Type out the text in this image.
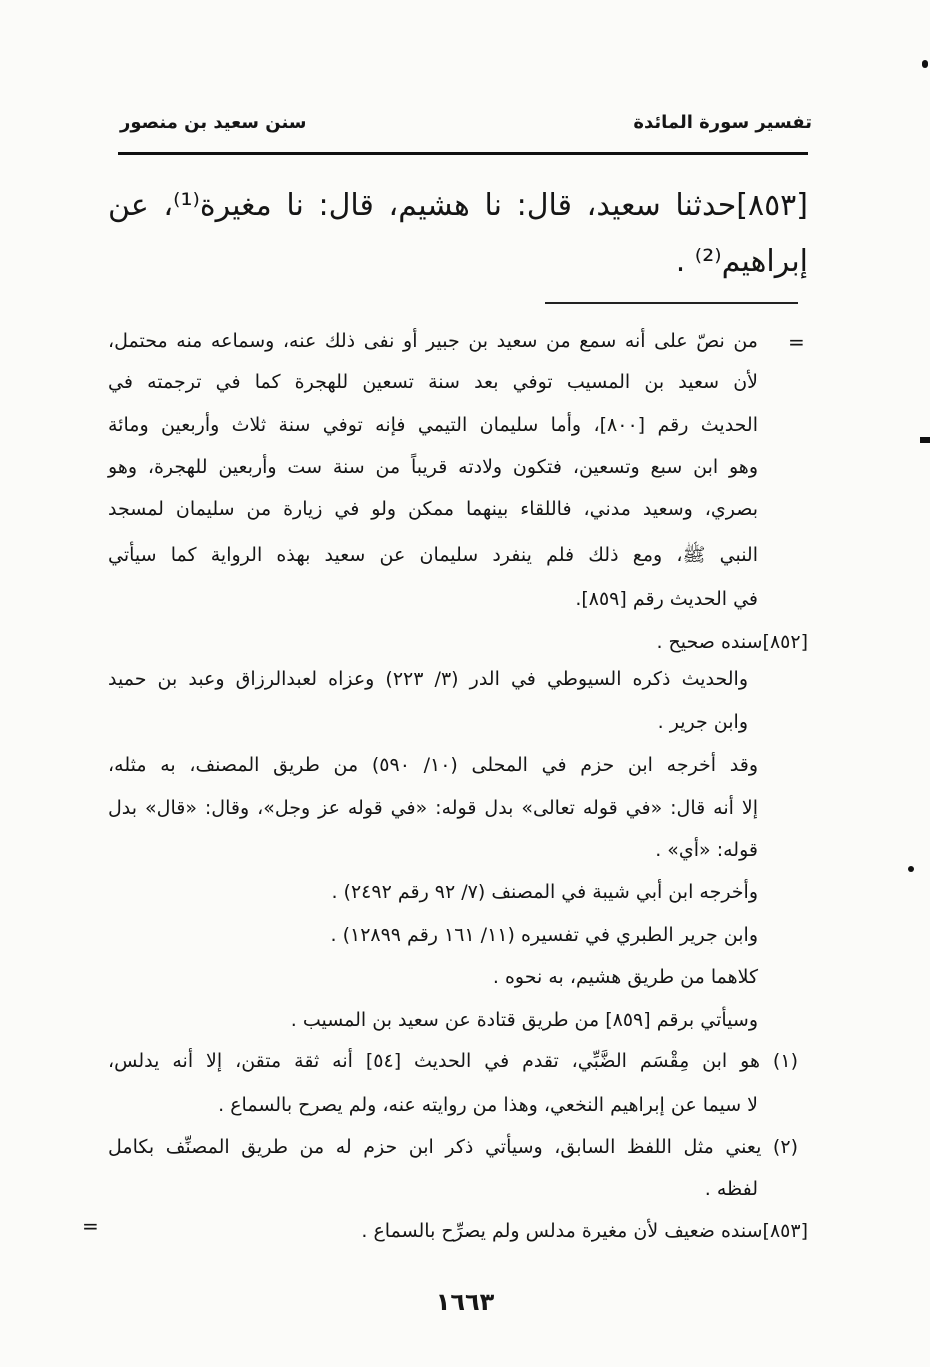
سنن سعيد بن منصور	تفسير سورة المائدة
[٨٥٣]حدثنا سعيد، قال: نا هشيم، قال: نا مغيرة⁽¹⁾، عن إبراهيم⁽²⁾ .
=
=
من نصّ على أنه سمع من سعيد بن جبير أو نفى ذلك عنه، وسماعه منه محتمل،
لأن سعيد بن المسيب توفي بعد سنة تسعين للهجرة كما في ترجمته في
الحديث رقم [٨٠٠]، وأما سليمان التيمي فإنه توفي سنة ثلاث وأربعين ومائة
وهو ابن سبع وتسعين، فتكون ولادته قريباً من سنة ست وأربعين للهجرة، وهو
بصري، وسعيد مدني، فاللقاء بينهما ممكن ولو في زيارة من سليمان لمسجد
النبي ﷺ، ومع ذلك فلم ينفرد سليمان عن سعيد بهذه الرواية كما سيأتي
في الحديث رقم [٨٥٩].
[٨٥٢]سنده صحيح .
والحديث ذكره السيوطي في الدر (٣/ ٢٢٣) وعزاه لعبدالرزاق وعبد بن حميد
وابن جرير .
وقد أخرجه ابن حزم في المحلى (١٠/ ٥٩٠) من طريق المصنف، به مثله،
إلا أنه قال: «في قوله تعالى» بدل قوله: «في قوله عز وجل»، وقال: «قال» بدل
قوله: «أي» .
وأخرجه ابن أبي شيبة في المصنف (٧/ ٩٢ رقم ٢٤٩٢) .
وابن جرير الطبري في تفسيره (١١/ ١٦١ رقم ١٢٨٩٩) .
كلاهما من طريق هشيم، به نحوه .
وسيأتي برقم [٨٥٩] من طريق قتادة عن سعيد بن المسيب .
(١) هو ابن مِقْسَم الضَّبِّي، تقدم في الحديث [٥٤] أنه ثقة متقن، إلا أنه يدلس،
لا سيما عن إبراهيم النخعي، وهذا من روايته عنه، ولم يصرح بالسماع .
(٢) يعني مثل اللفظ السابق، وسيأتي ذكر ابن حزم له من طريق المصنِّف بكامل
لفظه .
[٨٥٣]سنده ضعيف لأن مغيرة مدلس ولم يصرِّح بالسماع .
١٦٦٣
